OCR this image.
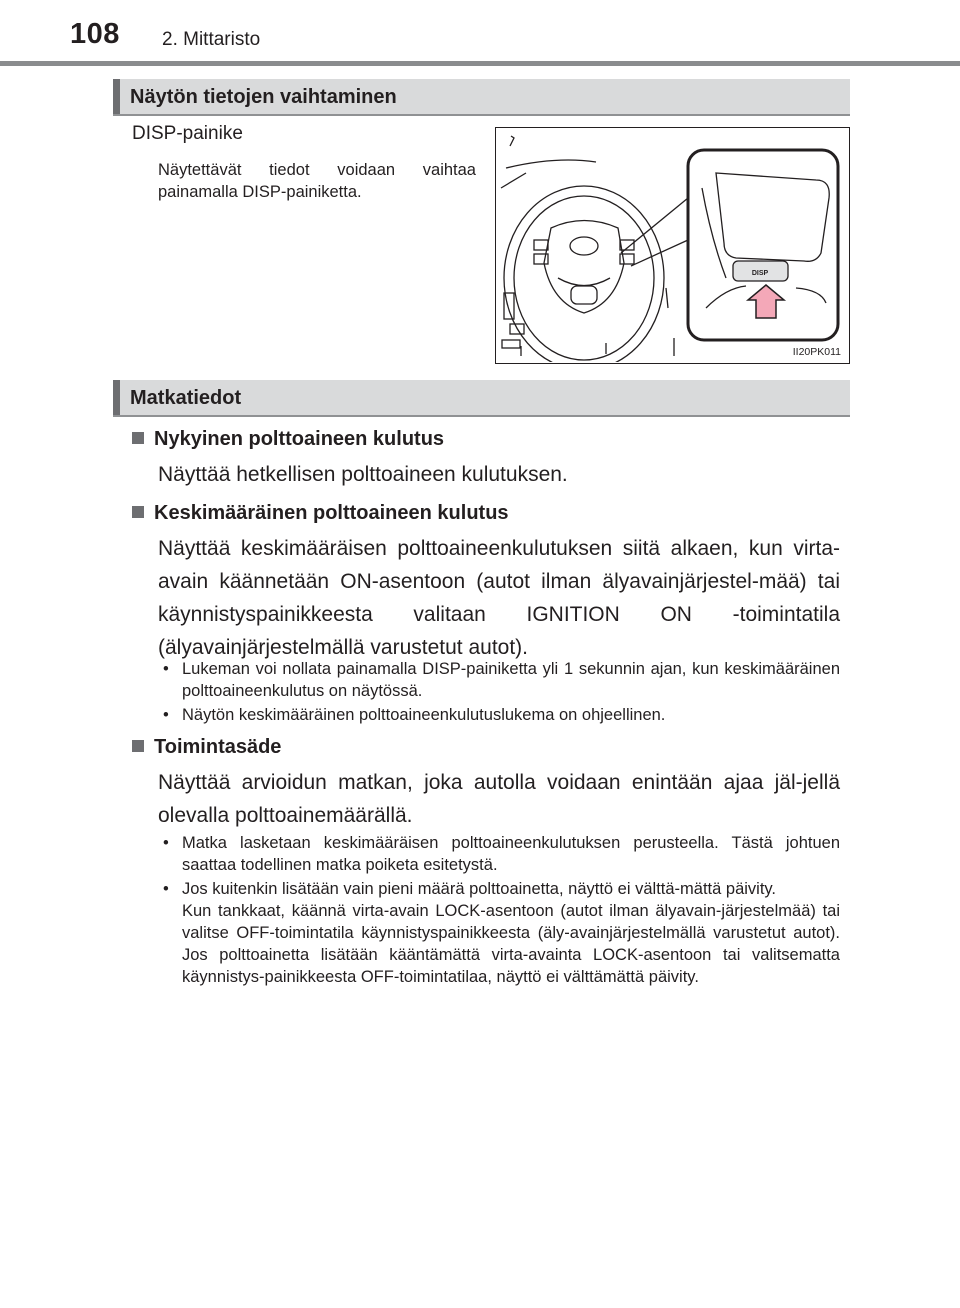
108 2. Mittaristo
Näytön tietojen vaihtaminen
DISP-painike
Näytettävät tiedot voidaan vaihtaa painamalla DISP-painiketta.
DISP
II20PK011
Matkatiedot
Nykyinen polttoaineen kulutus
Näyttää hetkellisen polttoaineen kulutuksen.
Keskimääräinen polttoaineen kulutus
Näyttää keskimääräisen polttoaineenkulutuksen siitä alkaen, kun virta-avain käännetään ON-asentoon (autot ilman älyavainjärjestel-mää) tai käynnistyspainikkeesta valitaan IGNITION ON -toimintatila (älyavainjärjestelmällä varustetut autot).
• Lukeman voi nollata painamalla DISP-painiketta yli 1 sekunnin ajan, kun keskimääräinen polttoaineenkulutus on näytössä.
• Näytön keskimääräinen polttoaineenkulutuslukema on ohjeellinen.
Toimintasäde
Näyttää arvioidun matkan, joka autolla voidaan enintään ajaa jäl-jellä olevalla polttoainemäärällä.
• Matka lasketaan keskimääräisen polttoaineenkulutuksen perusteella. Tästä johtuen saattaa todellinen matka poiketa esitetystä.
• Jos kuitenkin lisätään vain pieni määrä polttoainetta, näyttö ei välttä-mättä päivity.
Kun tankkaat, käännä virta-avain LOCK-asentoon (autot ilman älyavain-järjestelmää) tai valitse OFF-toimintatila käynnistyspainikkeesta (äly-avainjärjestelmällä varustetut autot). Jos polttoainetta lisätään kääntämättä virta-avainta LOCK-asentoon tai valitsematta käynnistys-painikkeesta OFF-toimintatilaa, näyttö ei välttämättä päivity.
